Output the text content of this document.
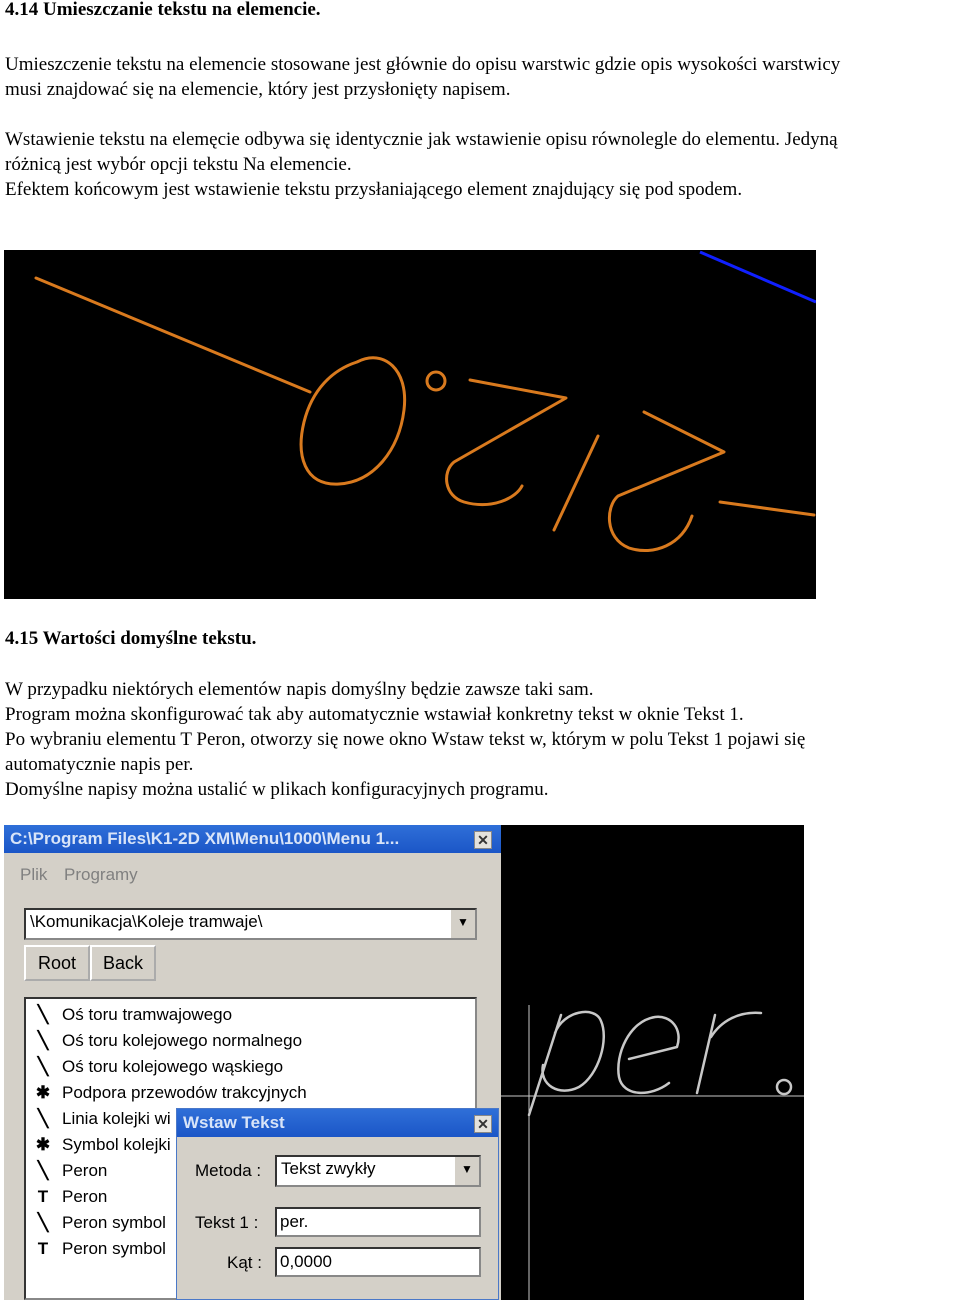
4.14 Umieszczanie tekstu na elemencie.
Umieszczenie tekstu na elemencie stosowane jest głównie do opisu warstwic gdzie opis wysokości warstwicy
musi znajdować się na elemencie, który jest przysłonięty napisem.
Wstawienie tekstu na elemęcie odbywa się identycznie jak wstawienie opisu równolegle do elementu. Jedyną
różnicą jest wybór opcji tekstu Na elemencie.
Efektem końcowym jest wstawienie tekstu przysłaniającego element znajdujący się pod spodem.
4.15 Wartości domyślne tekstu.
W przypadku niektórych elementów napis domyślny będzie zawsze taki sam.
Program można skonfigurować tak aby automatycznie wstawiał konkretny tekst w oknie Tekst 1.
Po wybraniu elementu T Peron, otworzy się nowe okno Wstaw tekst w, którym w polu Tekst 1 pojawi się
automatycznie napis per.
Domyślne napisy można ustalić w plikach konfiguracyjnych programu.
C:\Program Files\K1-2D XM\Menu\1000\Menu 1...	✕
Plik Programy
\Komunikacja\Koleje tramwaje\	▼
Root	Back
╲ Oś toru tramwajowego
╲ Oś toru kolejowego normalnego
╲ Oś toru kolejowego wąskiego
✱ Podpora przewodów trakcyjnych
╲ Linia kolejki wi
✱ Symbol kolejki
╲ Peron
T Peron
╲ Peron symbol
T Peron symbol
Wstaw Tekst	✕
Metoda :	Tekst zwykły	▼
Tekst 1 : per.
Kąt : 0,0000
